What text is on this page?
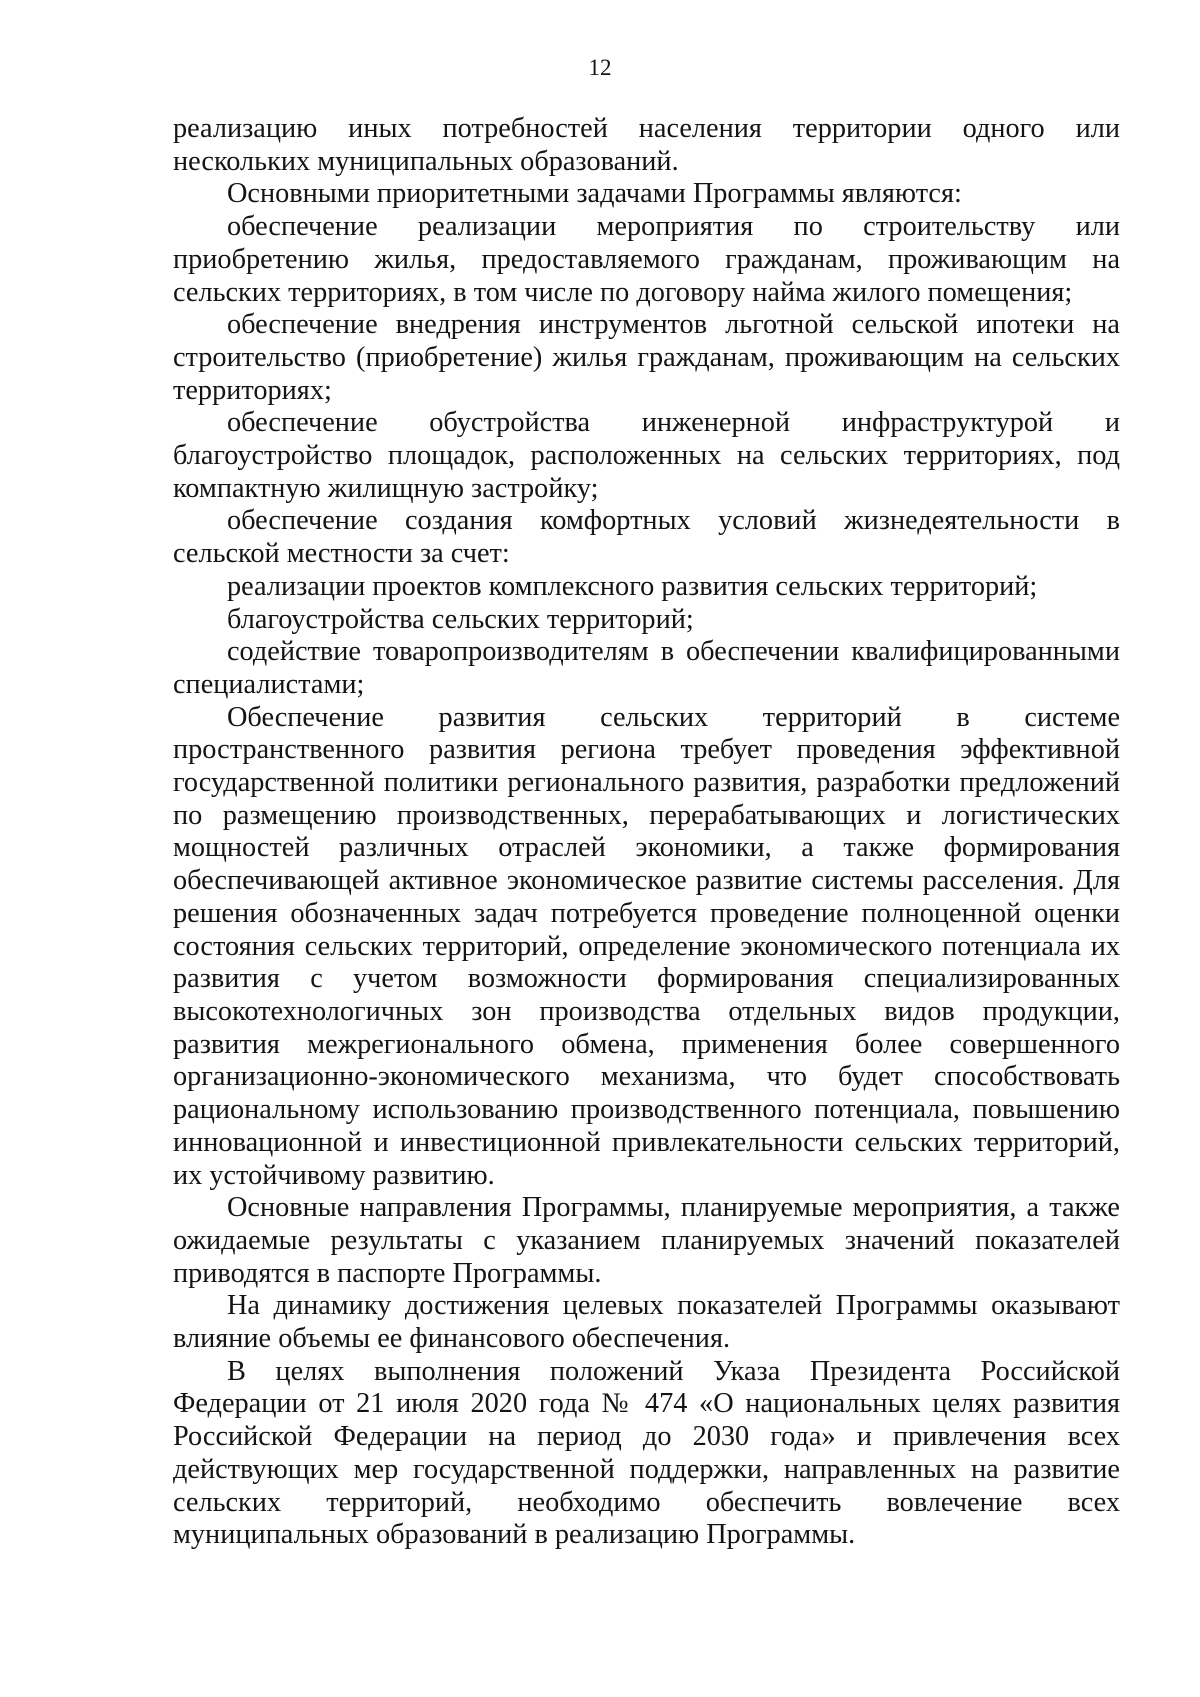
12

реализацию иных потребностей населения территории одного или нескольких муниципальных образований.

Основными приоритетными задачами Программы являются:

обеспечение реализации мероприятия по строительству или приобретению жилья, предоставляемого гражданам, проживающим на сельских территориях, в том числе по договору найма жилого помещения;

обеспечение внедрения инструментов льготной сельской ипотеки на строительство (приобретение) жилья гражданам, проживающим на сельских территориях;

обеспечение обустройства инженерной инфраструктурой и благоустройство площадок, расположенных на сельских территориях, под компактную жилищную застройку;

обеспечение создания комфортных условий жизнедеятельности в сельской местности за счет:

реализации проектов комплексного развития сельских территорий;

благоустройства сельских территорий;

содействие товаропроизводителям в обеспечении квалифицированными специалистами;

Обеспечение развития сельских территорий в системе пространственного развития региона требует проведения эффективной государственной политики регионального развития, разработки предложений по размещению производственных, перерабатывающих и логистических мощностей различных отраслей экономики, а также формирования обеспечивающей активное экономическое развитие системы расселения. Для решения обозначенных задач потребуется проведение полноценной оценки состояния сельских территорий, определение экономического потенциала их развития с учетом возможности формирования специализированных высокотехнологичных зон производства отдельных видов продукции, развития межрегионального обмена, применения более совершенного организационно-экономического механизма, что будет способствовать рациональному использованию производственного потенциала, повышению инновационной и инвестиционной привлекательности сельских территорий, их устойчивому развитию.

Основные направления Программы, планируемые мероприятия, а также ожидаемые результаты с указанием планируемых значений показателей приводятся в паспорте Программы.

На динамику достижения целевых показателей Программы оказывают влияние объемы ее финансового обеспечения.

В целях выполнения положений Указа Президента Российской Федерации от 21 июля 2020 года № 474 «О национальных целях развития Российской Федерации на период до 2030 года» и привлечения всех действующих мер государственной поддержки, направленных на развитие сельских территорий, необходимо обеспечить вовлечение всех муниципальных образований в реализацию Программы.
